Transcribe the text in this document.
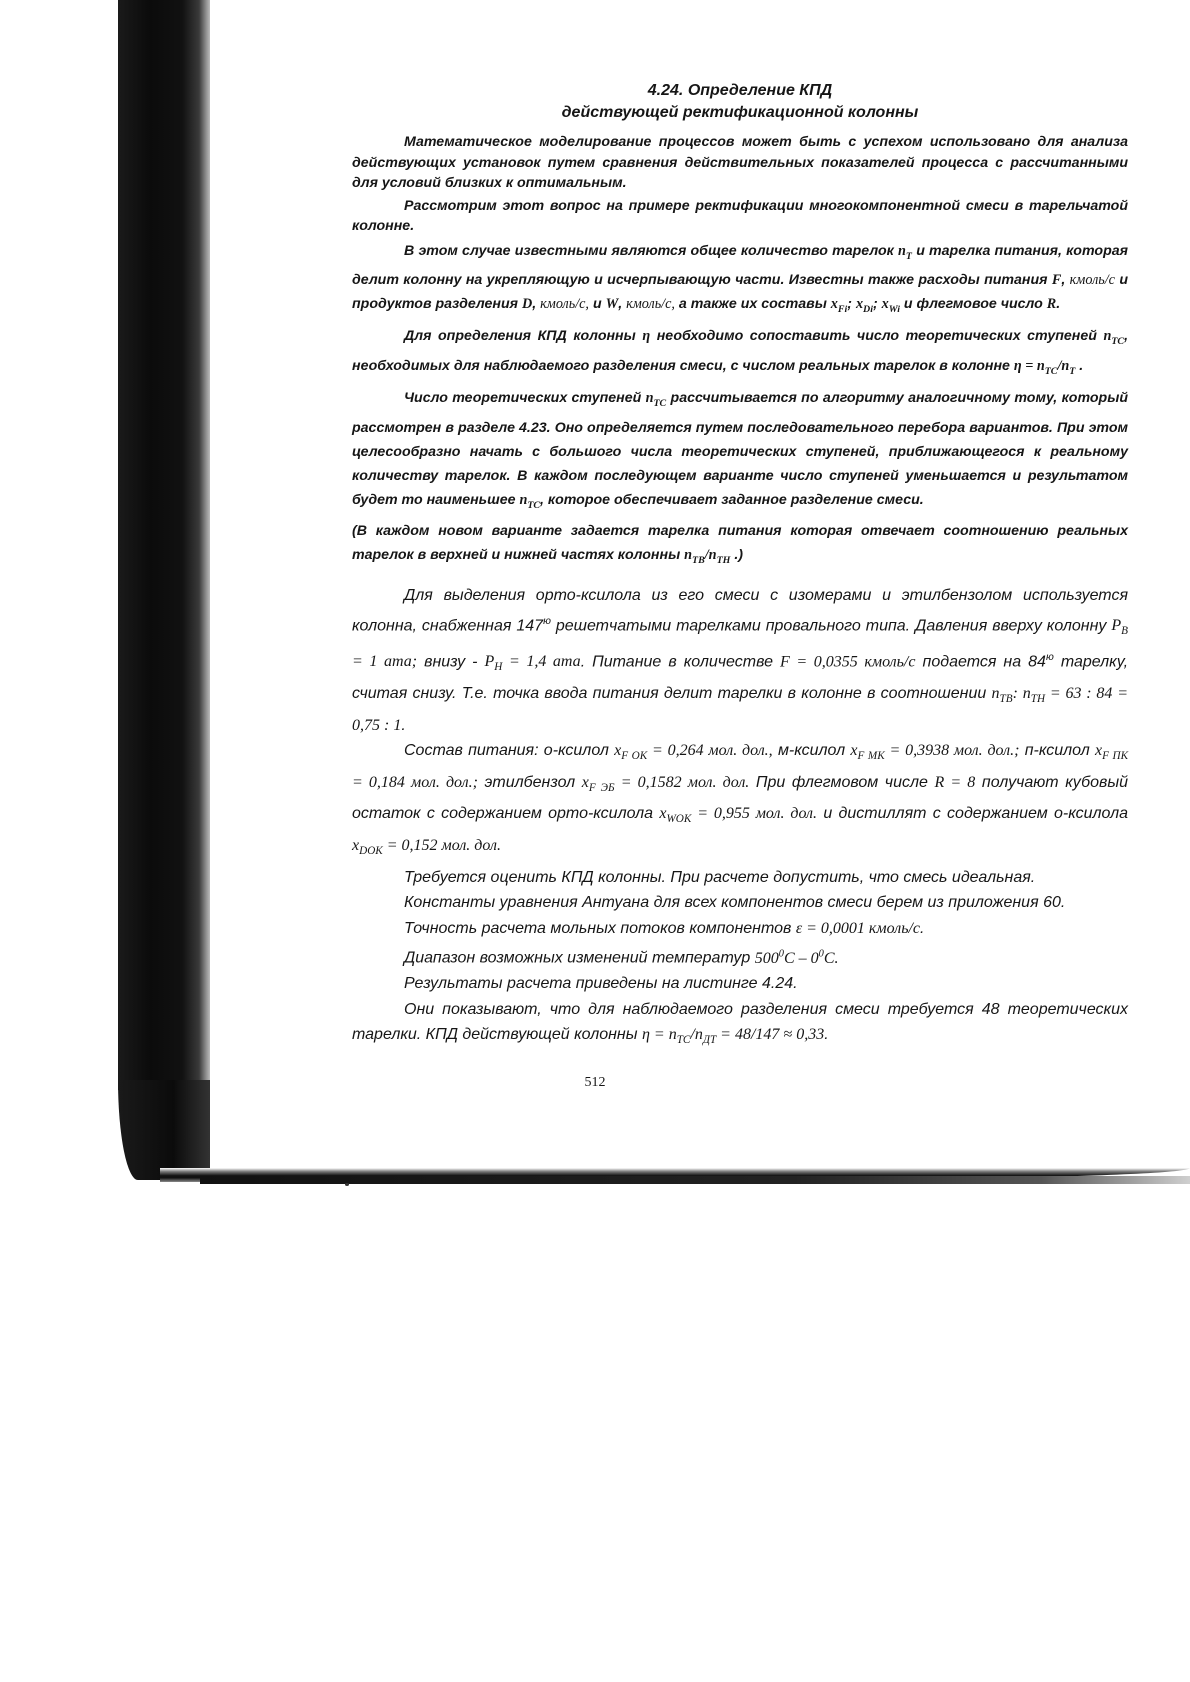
4.24. Определение КПД
действующей ректификационной колонны

Математическое моделирование процессов может быть с успехом использовано для анализа действующих установок путем сравнения действительных показателей процесса с рассчитанными для условий близких к оптимальным.

Рассмотрим этот вопрос на примере ректификации многокомпонентной смеси в тарельчатой колонне.

В этом случае известными являются общее количество тарелок $n_T$ и тарелка питания, которая делит колонну на укрепляющую и исчерпывающую части. Известны также расходы питания F, кмоль/с и продуктов разделения D, кмоль/с, и W, кмоль/с, а также их составы $x_{Fi}$; $x_{Di}$; $x_{Wi}$ и флегмовое число R.

Для определения КПД колонны η необходимо сопоставить число теоретических ступеней $n_{TC}$, необходимых для наблюдаемого разделения смеси, с числом реальных тарелок в колонне $\eta = n_{TC}/n_T$ .

Число теоретических ступеней $n_{TC}$ рассчитывается по алгоритму аналогичному тому, который рассмотрен в разделе 4.23. Оно определяется путем последовательного перебора вариантов. При этом целесообразно начать с большого числа теоретических ступеней, приближающегося к реальному количеству тарелок. В каждом последующем варианте число ступеней уменьшается и результатом будет то наименьшее $n_{TC}$, которое обеспечивает заданное разделение смеси.

(В каждом новом варианте задается тарелка питания которая отвечает соотношению реальных тарелок в верхней и нижней частях колонны $n_{TB}/n_{TH}$ .)

Для выделения орто-ксилола из его смеси с изомерами и этилбензолом используется колонна, снабженная $147^ю$ решетчатыми тарелками провального типа. Давления вверху колонну $P_B = 1$ ата; внизу - $P_H = 1,4$ ата. Питание в количестве F = 0,0355 кмоль/с подается на $84^ю$ тарелку, считая снизу. Т.е. точка ввода питания делит тарелки в колонне в соотношении $n_{TB}$: $n_{TH} = 63$ : 84 = 0,75 : 1.

Состав питания: о-ксилол $x_{F ОК} = 0,264$ мол. дол., м-ксилол $x_{F МК} = 0,3938$ мол. дол.; п-ксилол $x_{F ПК} = 0,184$ мол. дол.; этилбензол $x_{F ЭБ} = 0,1582$ мол. дол. При флегмовом числе R = 8 получают кубовый остаток с содержанием орто-ксилола $x_{WОК} = 0,955$ мол. дол. и дистиллят с содержанием о-ксилола $x_{DОК} = 0,152$ мол. дол.

Требуется оценить КПД колонны. При расчете допустить, что смесь идеальная.

Константы уравнения Антуана для всех компонентов смеси берем из приложения 60.

Точность расчета мольных потоков компонентов ε = 0,0001 кмоль/с.

Диапазон возможных изменений температур $500^0C - 0^0C$.

Результаты расчета приведены на листинге 4.24.

Они показывают, что для наблюдаемого разделения смеси требуется 48 теоретических тарелки. КПД действующей колонны $\eta = n_{TC}/n_{ДТ} = 48/147 \approx 0,33$.

512
